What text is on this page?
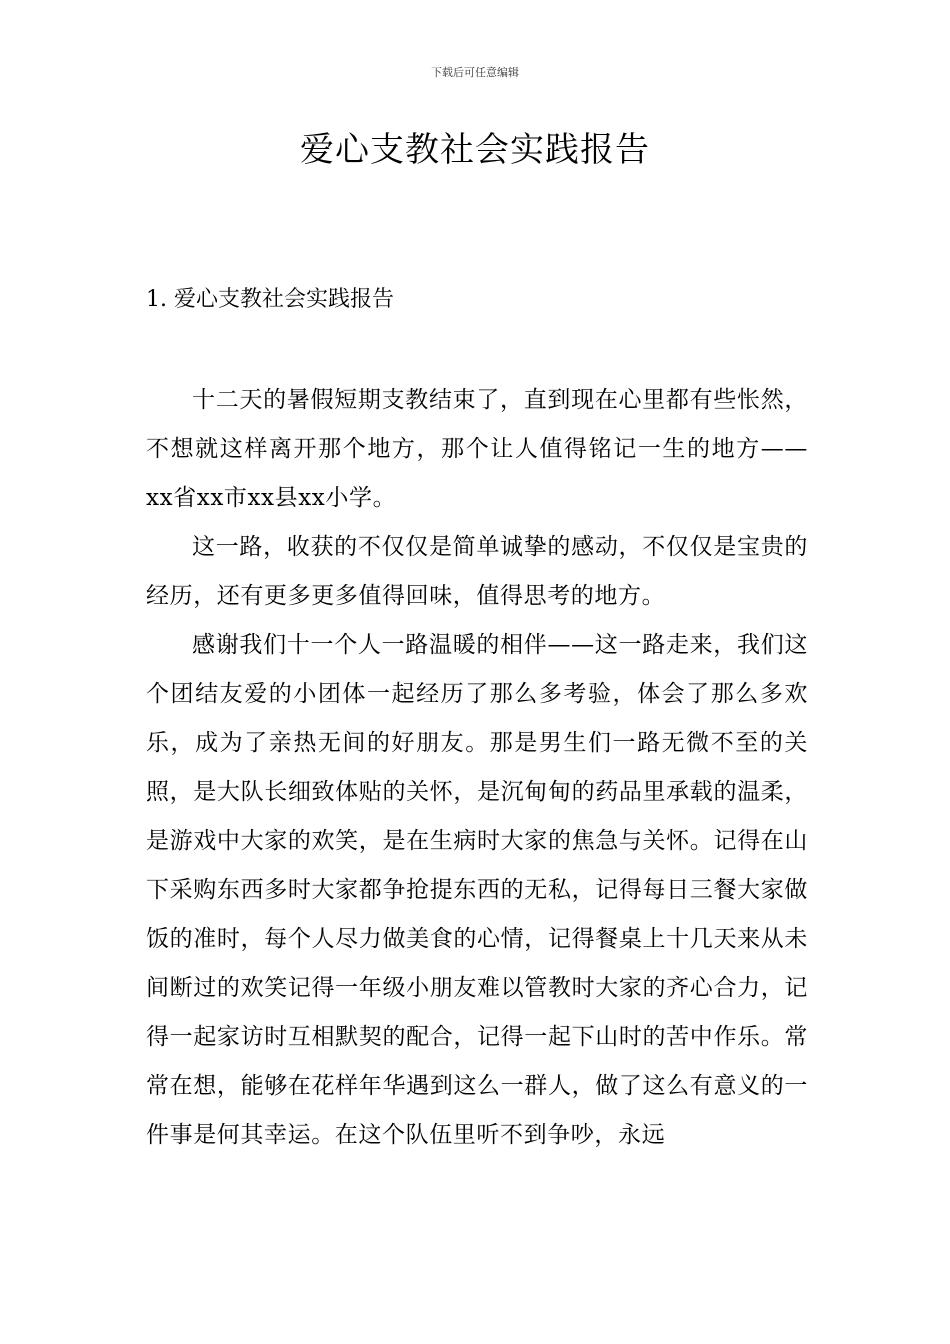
下载后可任意编辑
爱心支教社会实践报告
1. 爱心支教社会实践报告

十二天的暑假短期支教结束了，直到现在心里都有些怅然，不想就这样离开那个地方，那个让人值得铭记一生的地方——xx省xx市xx县xx小学。

这一路，收获的不仅仅是简单诚挚的感动，不仅仅是宝贵的经历，还有更多更多值得回味，值得思考的地方。

感谢我们十一个人一路温暖的相伴——这一路走来，我们这个团结友爱的小团体一起经历了那么多考验，体会了那么多欢乐，成为了亲热无间的好朋友。那是男生们一路无微不至的关照，是大队长细致体贴的关怀，是沉甸甸的药品里承载的温柔，是游戏中大家的欢笑，是在生病时大家的焦急与关怀。记得在山下采购东西多时大家都争抢提东西的无私，记得每日三餐大家做饭的准时，每个人尽力做美食的心情，记得餐桌上十几天来从未间断过的欢笑记得一年级小朋友难以管教时大家的齐心合力，记得一起家访时互相默契的配合，记得一起下山时的苦中作乐。常常在想，能够在花样年华遇到这么一群人，做了这么有意义的一件事是何其幸运。在这个队伍里听不到争吵，永远
